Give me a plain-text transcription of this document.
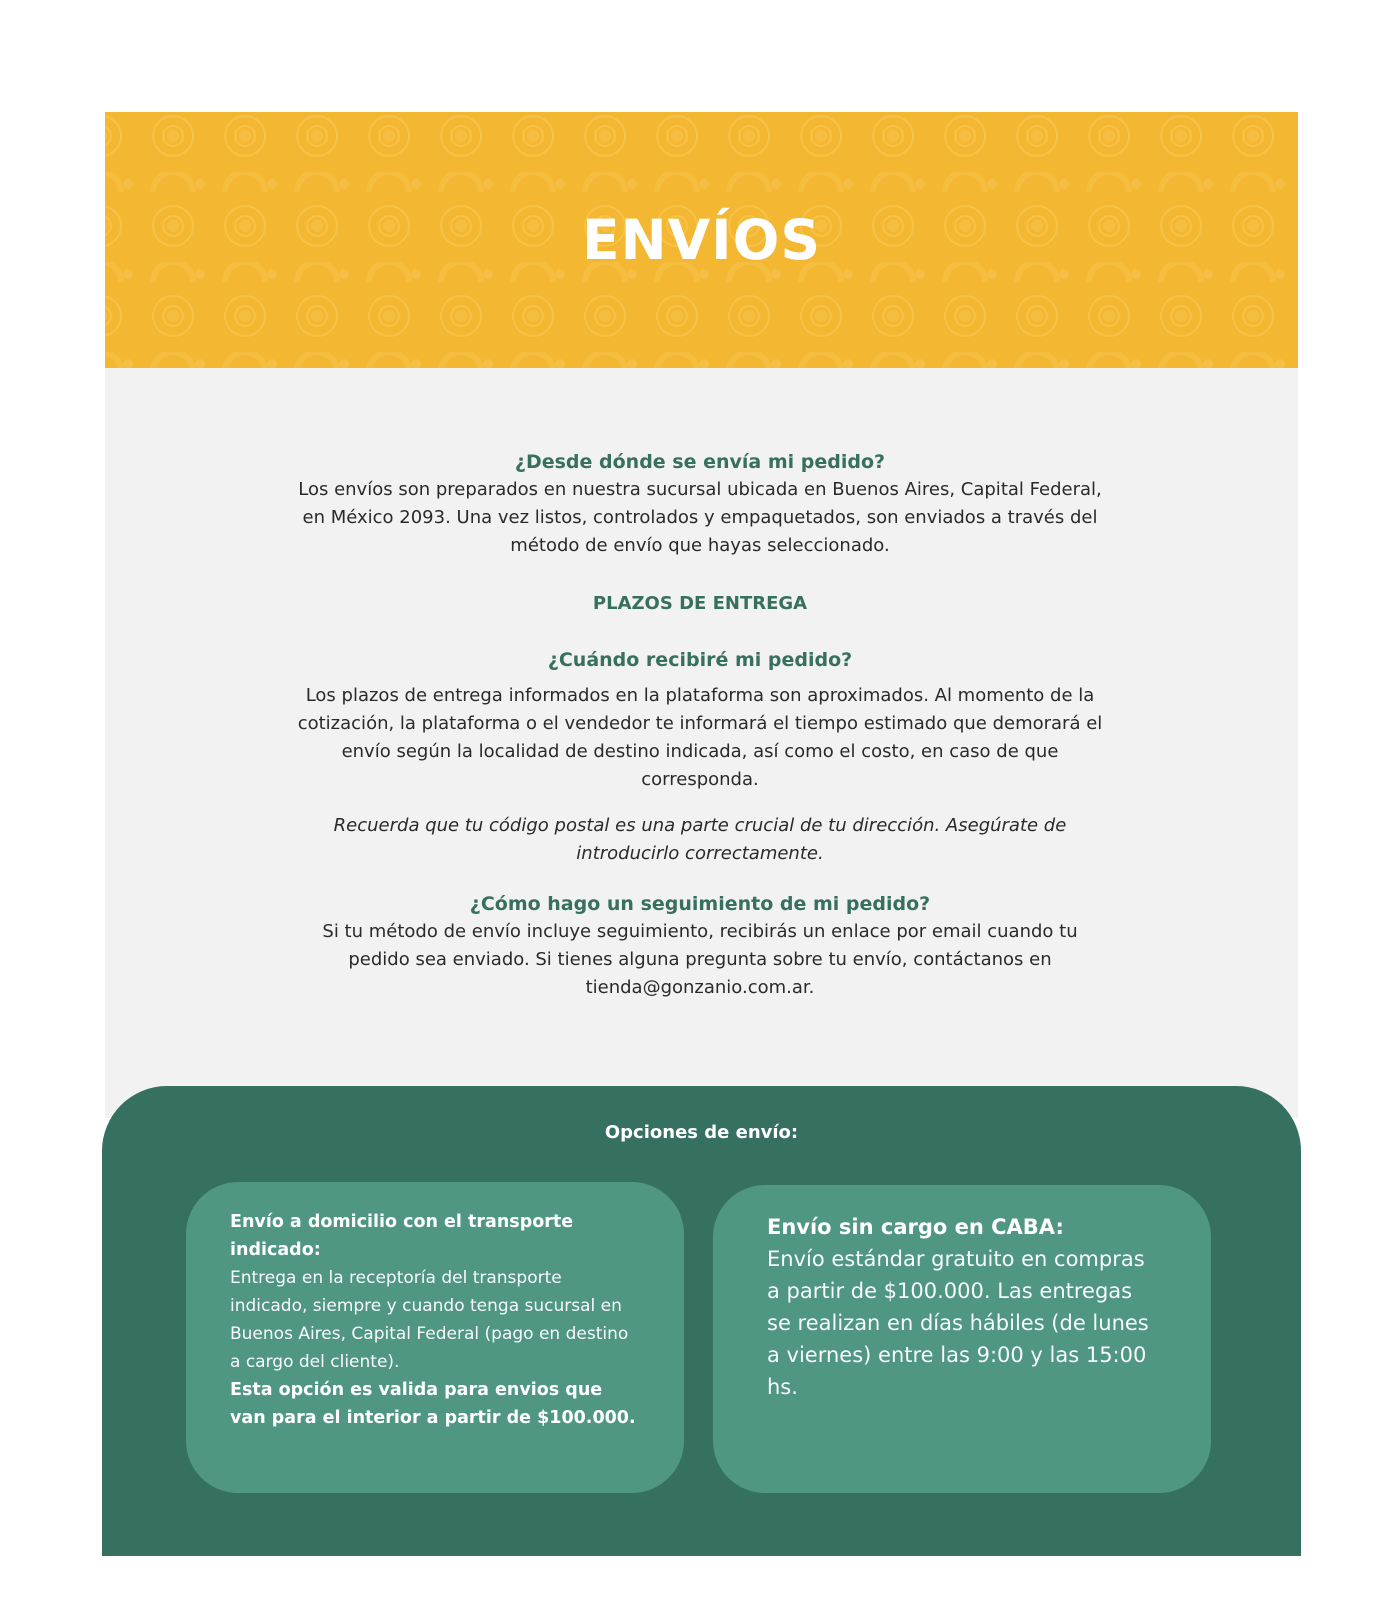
ENVÍOS

¿Desde dónde se envía mi pedido?

Los envíos son preparados en nuestra sucursal ubicada en Buenos Aires, Capital Federal, en México 2093. Una vez listos, controlados y empaquetados, son enviados a través del método de envío que hayas seleccionado.

PLAZOS DE ENTREGA

¿Cuándo recibiré mi pedido?

Los plazos de entrega informados en la plataforma son aproximados. Al momento de la cotización, la plataforma o el vendedor te informará el tiempo estimado que demorará el envío según la localidad de destino indicada, así como el costo, en caso de que corresponda.

Recuerda que tu código postal es una parte crucial de tu dirección. Asegúrate de introducirlo correctamente.

¿Cómo hago un seguimiento de mi pedido?

Si tu método de envío incluye seguimiento, recibirás un enlace por email cuando tu pedido sea enviado. Si tienes alguna pregunta sobre tu envío, contáctanos en tienda@gonzanio.com.ar.

Opciones de envío:
Envío a domicilio con el transporte indicado:
Entrega en la receptoría del transporte indicado, siempre y cuando tenga sucursal en Buenos Aires, Capital Federal (pago en destino a cargo del cliente).
Esta opción es valida para envios que van para el interior a partir de $100.000.
Envío sin cargo en CABA:
Envío estándar gratuito en compras a partir de $100.000. Las entregas se realizan en días hábiles (de lunes a viernes) entre las 9:00 y las 15:00 hs.
